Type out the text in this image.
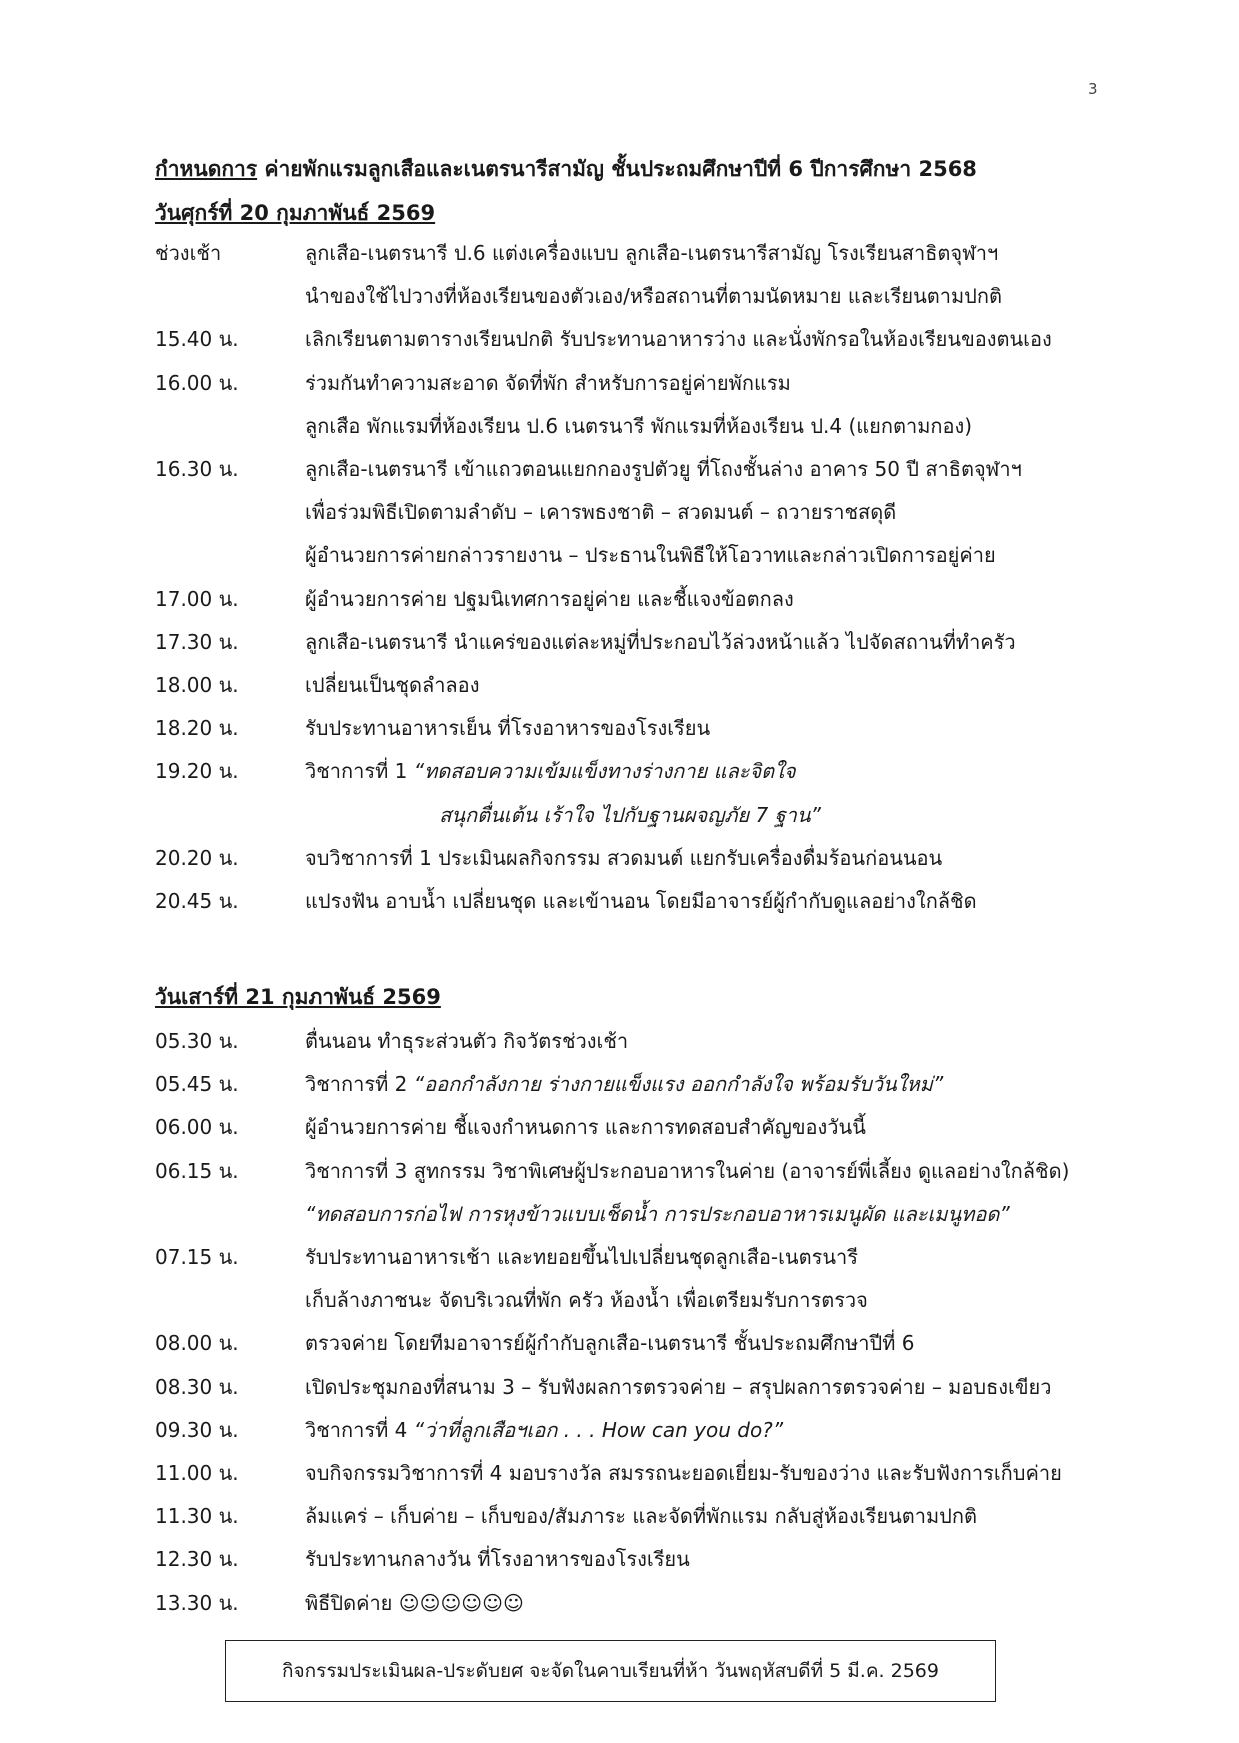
3
กำหนดการ ค่ายพักแรมลูกเสือและเนตรนารีสามัญ ชั้นประถมศึกษาปีที่ 6 ปีการศึกษา 2568
วันศุกร์ที่ 20 กุมภาพันธ์ 2569
ช่วงเช้า	ลูกเสือ-เนตรนารี ป.6 แต่งเครื่องแบบ ลูกเสือ-เนตรนารีสามัญ โรงเรียนสาธิตจุฬาฯ
นำของใช้ไปวางที่ห้องเรียนของตัวเอง/หรือสถานที่ตามนัดหมาย และเรียนตามปกติ
15.40 น.	เลิกเรียนตามตารางเรียนปกติ รับประทานอาหารว่าง และนั่งพักรอในห้องเรียนของตนเอง
16.00 น.	ร่วมกันทำความสะอาด จัดที่พัก สำหรับการอยู่ค่ายพักแรม
ลูกเสือ พักแรมที่ห้องเรียน ป.6 เนตรนารี พักแรมที่ห้องเรียน ป.4 (แยกตามกอง)
16.30 น.	ลูกเสือ-เนตรนารี เข้าแถวตอนแยกกองรูปตัวยู ที่โถงชั้นล่าง อาคาร 50 ปี สาธิตจุฬาฯ
เพื่อร่วมพิธีเปิดตามลำดับ – เคารพธงชาติ – สวดมนต์ – ถวายราชสดุดี
ผู้อำนวยการค่ายกล่าวรายงาน – ประธานในพิธีให้โอวาทและกล่าวเปิดการอยู่ค่าย
17.00 น.	ผู้อำนวยการค่าย ปฐมนิเทศการอยู่ค่าย และชี้แจงข้อตกลง
17.30 น.	ลูกเสือ-เนตรนารี นำแคร่ของแต่ละหมู่ที่ประกอบไว้ล่วงหน้าแล้ว ไปจัดสถานที่ทำครัว
18.00 น.	เปลี่ยนเป็นชุดลำลอง
18.20 น.	รับประทานอาหารเย็น ที่โรงอาหารของโรงเรียน
19.20 น.	วิชาการที่ 1 “ทดสอบความเข้มแข็งทางร่างกาย และจิตใจ
สนุกตื่นเต้น เร้าใจ ไปกับฐานผจญภัย 7 ฐาน”
20.20 น.	จบวิชาการที่ 1 ประเมินผลกิจกรรม สวดมนต์ แยกรับเครื่องดื่มร้อนก่อนนอน
20.45 น.	แปรงฟัน อาบน้ำ เปลี่ยนชุด และเข้านอน โดยมีอาจารย์ผู้กำกับดูแลอย่างใกล้ชิด
วันเสาร์ที่ 21 กุมภาพันธ์ 2569
05.30 น.	ตื่นนอน ทำธุระส่วนตัว กิจวัตรช่วงเช้า
05.45 น.	วิชาการที่ 2 “ออกกำลังกาย ร่างกายแข็งแรง ออกกำลังใจ พร้อมรับวันใหม่”
06.00 น.	ผู้อำนวยการค่าย ชี้แจงกำหนดการ และการทดสอบสำคัญของวันนี้
06.15 น.	วิชาการที่ 3 สูทกรรม วิชาพิเศษผู้ประกอบอาหารในค่าย (อาจารย์พี่เลี้ยง ดูแลอย่างใกล้ชิด)
“ทดสอบการก่อไฟ การหุงข้าวแบบเช็ดน้ำ การประกอบอาหารเมนูผัด และเมนูทอด”
07.15 น.	รับประทานอาหารเช้า และทยอยขึ้นไปเปลี่ยนชุดลูกเสือ-เนตรนารี
เก็บล้างภาชนะ จัดบริเวณที่พัก ครัว ห้องน้ำ เพื่อเตรียมรับการตรวจ
08.00 น.	ตรวจค่าย โดยทีมอาจารย์ผู้กำกับลูกเสือ-เนตรนารี ชั้นประถมศึกษาปีที่ 6
08.30 น.	เปิดประชุมกองที่สนาม 3 – รับฟังผลการตรวจค่าย – สรุปผลการตรวจค่าย – มอบธงเขียว
09.30 น.	วิชาการที่ 4 “ว่าที่ลูกเสือฯเอก . . . How can you do?”
11.00 น.	จบกิจกรรมวิชาการที่ 4 มอบรางวัล สมรรถนะยอดเยี่ยม-รับของว่าง และรับฟังการเก็บค่าย
11.30 น.	ล้มแคร่ – เก็บค่าย – เก็บของ/สัมภาระ และจัดที่พักแรม กลับสู่ห้องเรียนตามปกติ
12.30 น.	รับประทานกลางวัน ที่โรงอาหารของโรงเรียน
13.30 น.	พิธีปิดค่าย ☺☺☺☺☺☺
กิจกรรมประเมินผล-ประดับยศ จะจัดในคาบเรียนที่ห้า วันพฤหัสบดีที่ 5 มี.ค. 2569
